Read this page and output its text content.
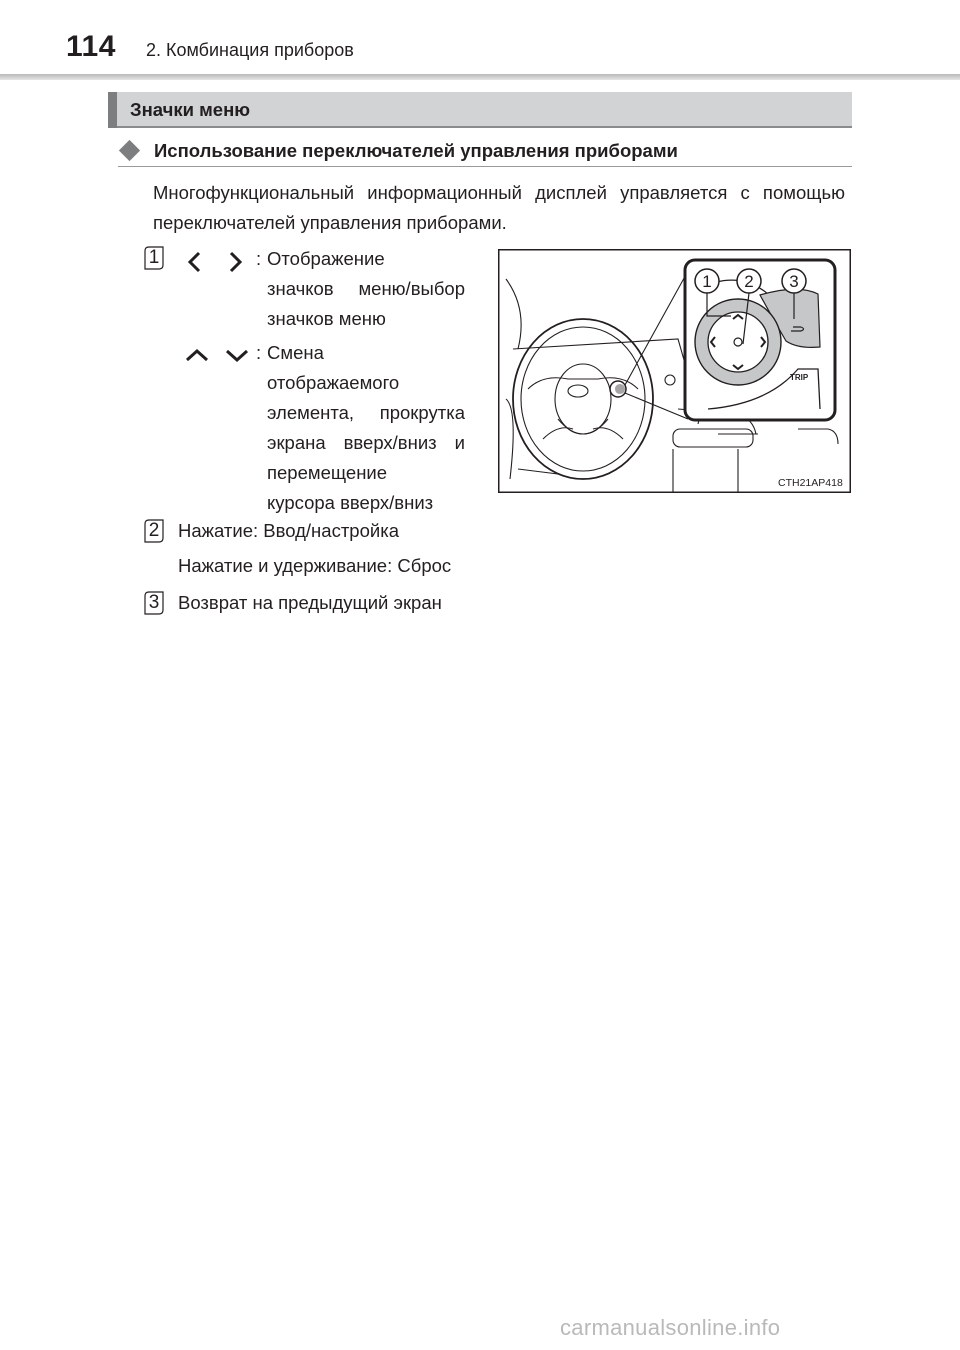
114 2. Комбинация приборов
Значки меню
Использование переключателей управления приборами
Многофункциональный информационный дисплей управляется с помощью переключателей управления приборами.
1	: Отображение
значков меню/выбор
значков меню
: Смена
отображаемого
элемента, прокрутка
экрана вверх/вниз и
перемещение
курсора вверх/вниз
2 Нажатие: Ввод/настройка
Нажатие и удерживание: Сброс
3 Возврат на предыдущий экран
TRIP
1 2 3
CTH21AP418
carmanualsonline.info
